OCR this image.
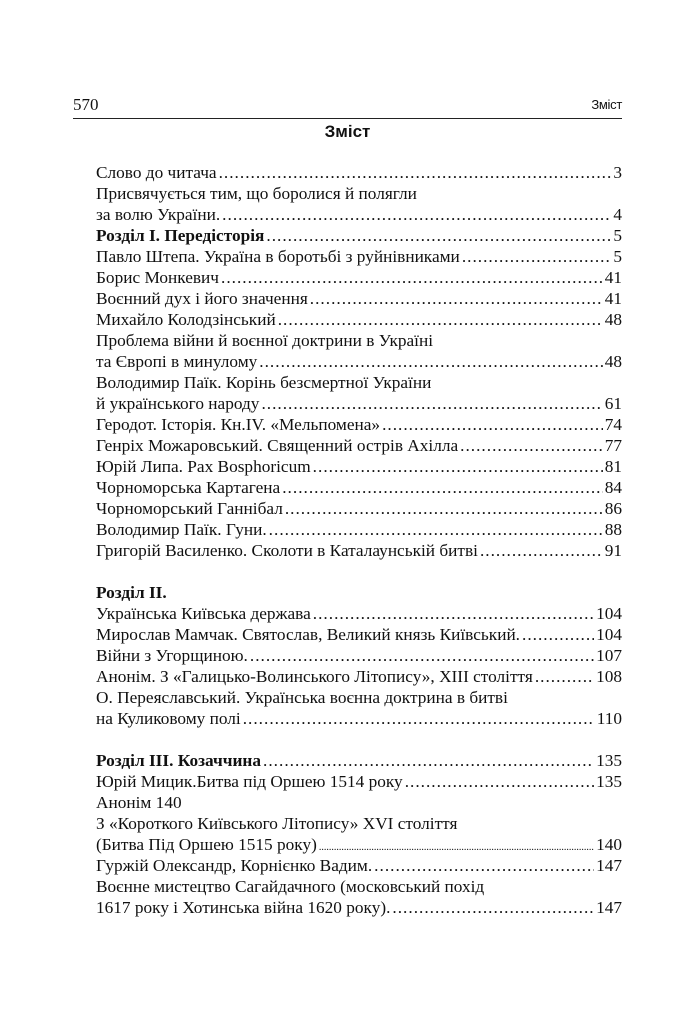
570	Зміст
Зміст
Слово до читача .....	3
Присвячується тим, що боролися й полягли
за волю України. .....	4
Розділ І. Передісторія .....	5
Павло Штепа. Україна в боротьбі з руйнівниками .....	5
Борис Монкевич .....	41
Воєнний дух і його значення .....	41
Михайло Колодзінський .....	48
Проблема війни й воєнної доктрини в Україні
та Європі в минулому .....	48
Володимир Паїк. Корінь безсмертної України
й українського народу .....	61
Геродот. Історія. Кн.IV. «Мельпомена» .....	74
Генріх Можаровський. Священний острів Ахілла .....	77
Юрій Липа. Pax Bosphoricum .....	81
Чорноморська Картагена .....	84
Чорноморський Ганнібал .....	86
Володимир Паїк. Гуни. .....	88
Григорій Василенко. Сколоти в Каталаунській битві .....	91
Розділ ІІ.
Українська Київська держава .....	104
Мирослав Мамчак. Святослав, Великий князь Київський. .....	104
Війни з Угорщиною. .....	107
Анонім. З «Галицько-Волинського Літопису», XIII століття .....	108
О. Переяславський. Українська воєнна доктрина в битві
на Куликовому полі .....	110
Розділ ІІІ. Козаччина .....	135
Юрій Мицик.Битва під Оршею 1514 року .....	135
Анонім 140
З «Короткого Київського Літопису» XVI століття
(Битва Під Оршею 1515 року) .....	140
Гуржій Олександр, Корнієнко Вадим. .....	147
Воєнне мистецтво Сагайдачного (московський похід
1617 року і Хотинська війна 1620 року). .....	147
